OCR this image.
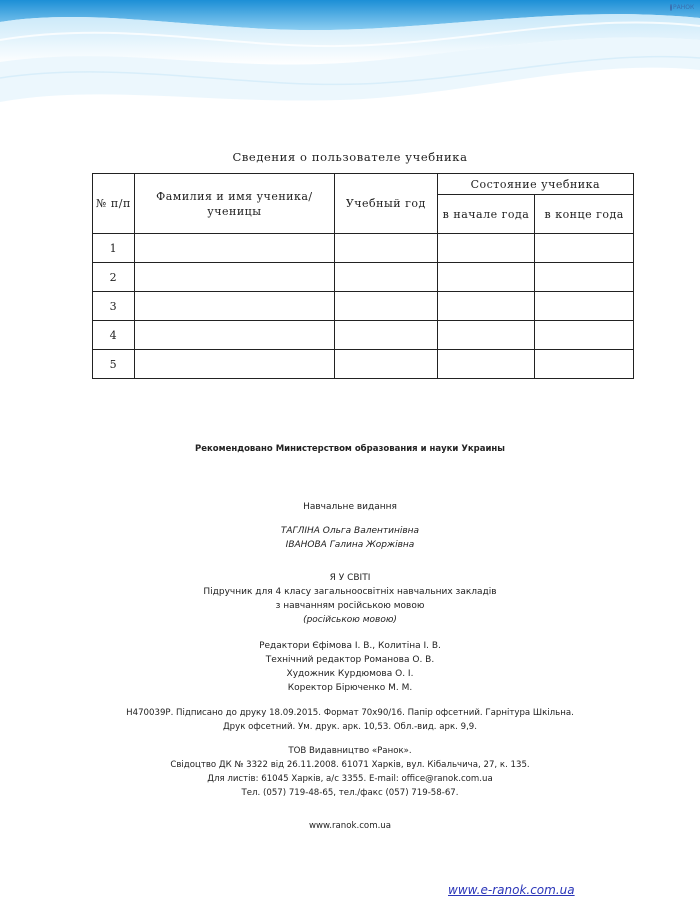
РАНОК
Сведения о пользователе учебника
№ п/п	Фамилия и имя ученика/ученицы	Учебный год	Состояние учебника	
			в начале года	в конце года
1				
2				
3				
4				
5				
Рекомендовано Министерством образования и науки Украины
Навчальне видання
ТАГЛІНА Ольга Валентинівна
ІВАНОВА Галина Жоржівна
Я У СВІТІ
Підручник для 4 класу загальноосвітніх навчальних закладів
з навчанням російською мовою
(російською мовою)
Редактори Єфімова І. В., Колитіна І. В.
Технічний редактор Романова О. В.
Художник Курдюмова О. І.
Коректор Бірюченко М. М.
Н470039Р. Підписано до друку 18.09.2015. Формат 70х90/16. Папір офсетний. Гарнітура Шкільна.
Друк офсетний. Ум. друк. арк. 10,53. Обл.-вид. арк. 9,9.
ТОВ Видавництво «Ранок».
Свідоцтво ДК № 3322 від 26.11.2008. 61071 Харків, вул. Кібальчича, 27, к. 135.
Для листів: 61045 Харків, а/с 3355. E-mail: office@ranok.com.ua
Тел. (057) 719-48-65, тел./факс (057) 719-58-67.
www.ranok.com.ua
www.e-ranok.com.ua
